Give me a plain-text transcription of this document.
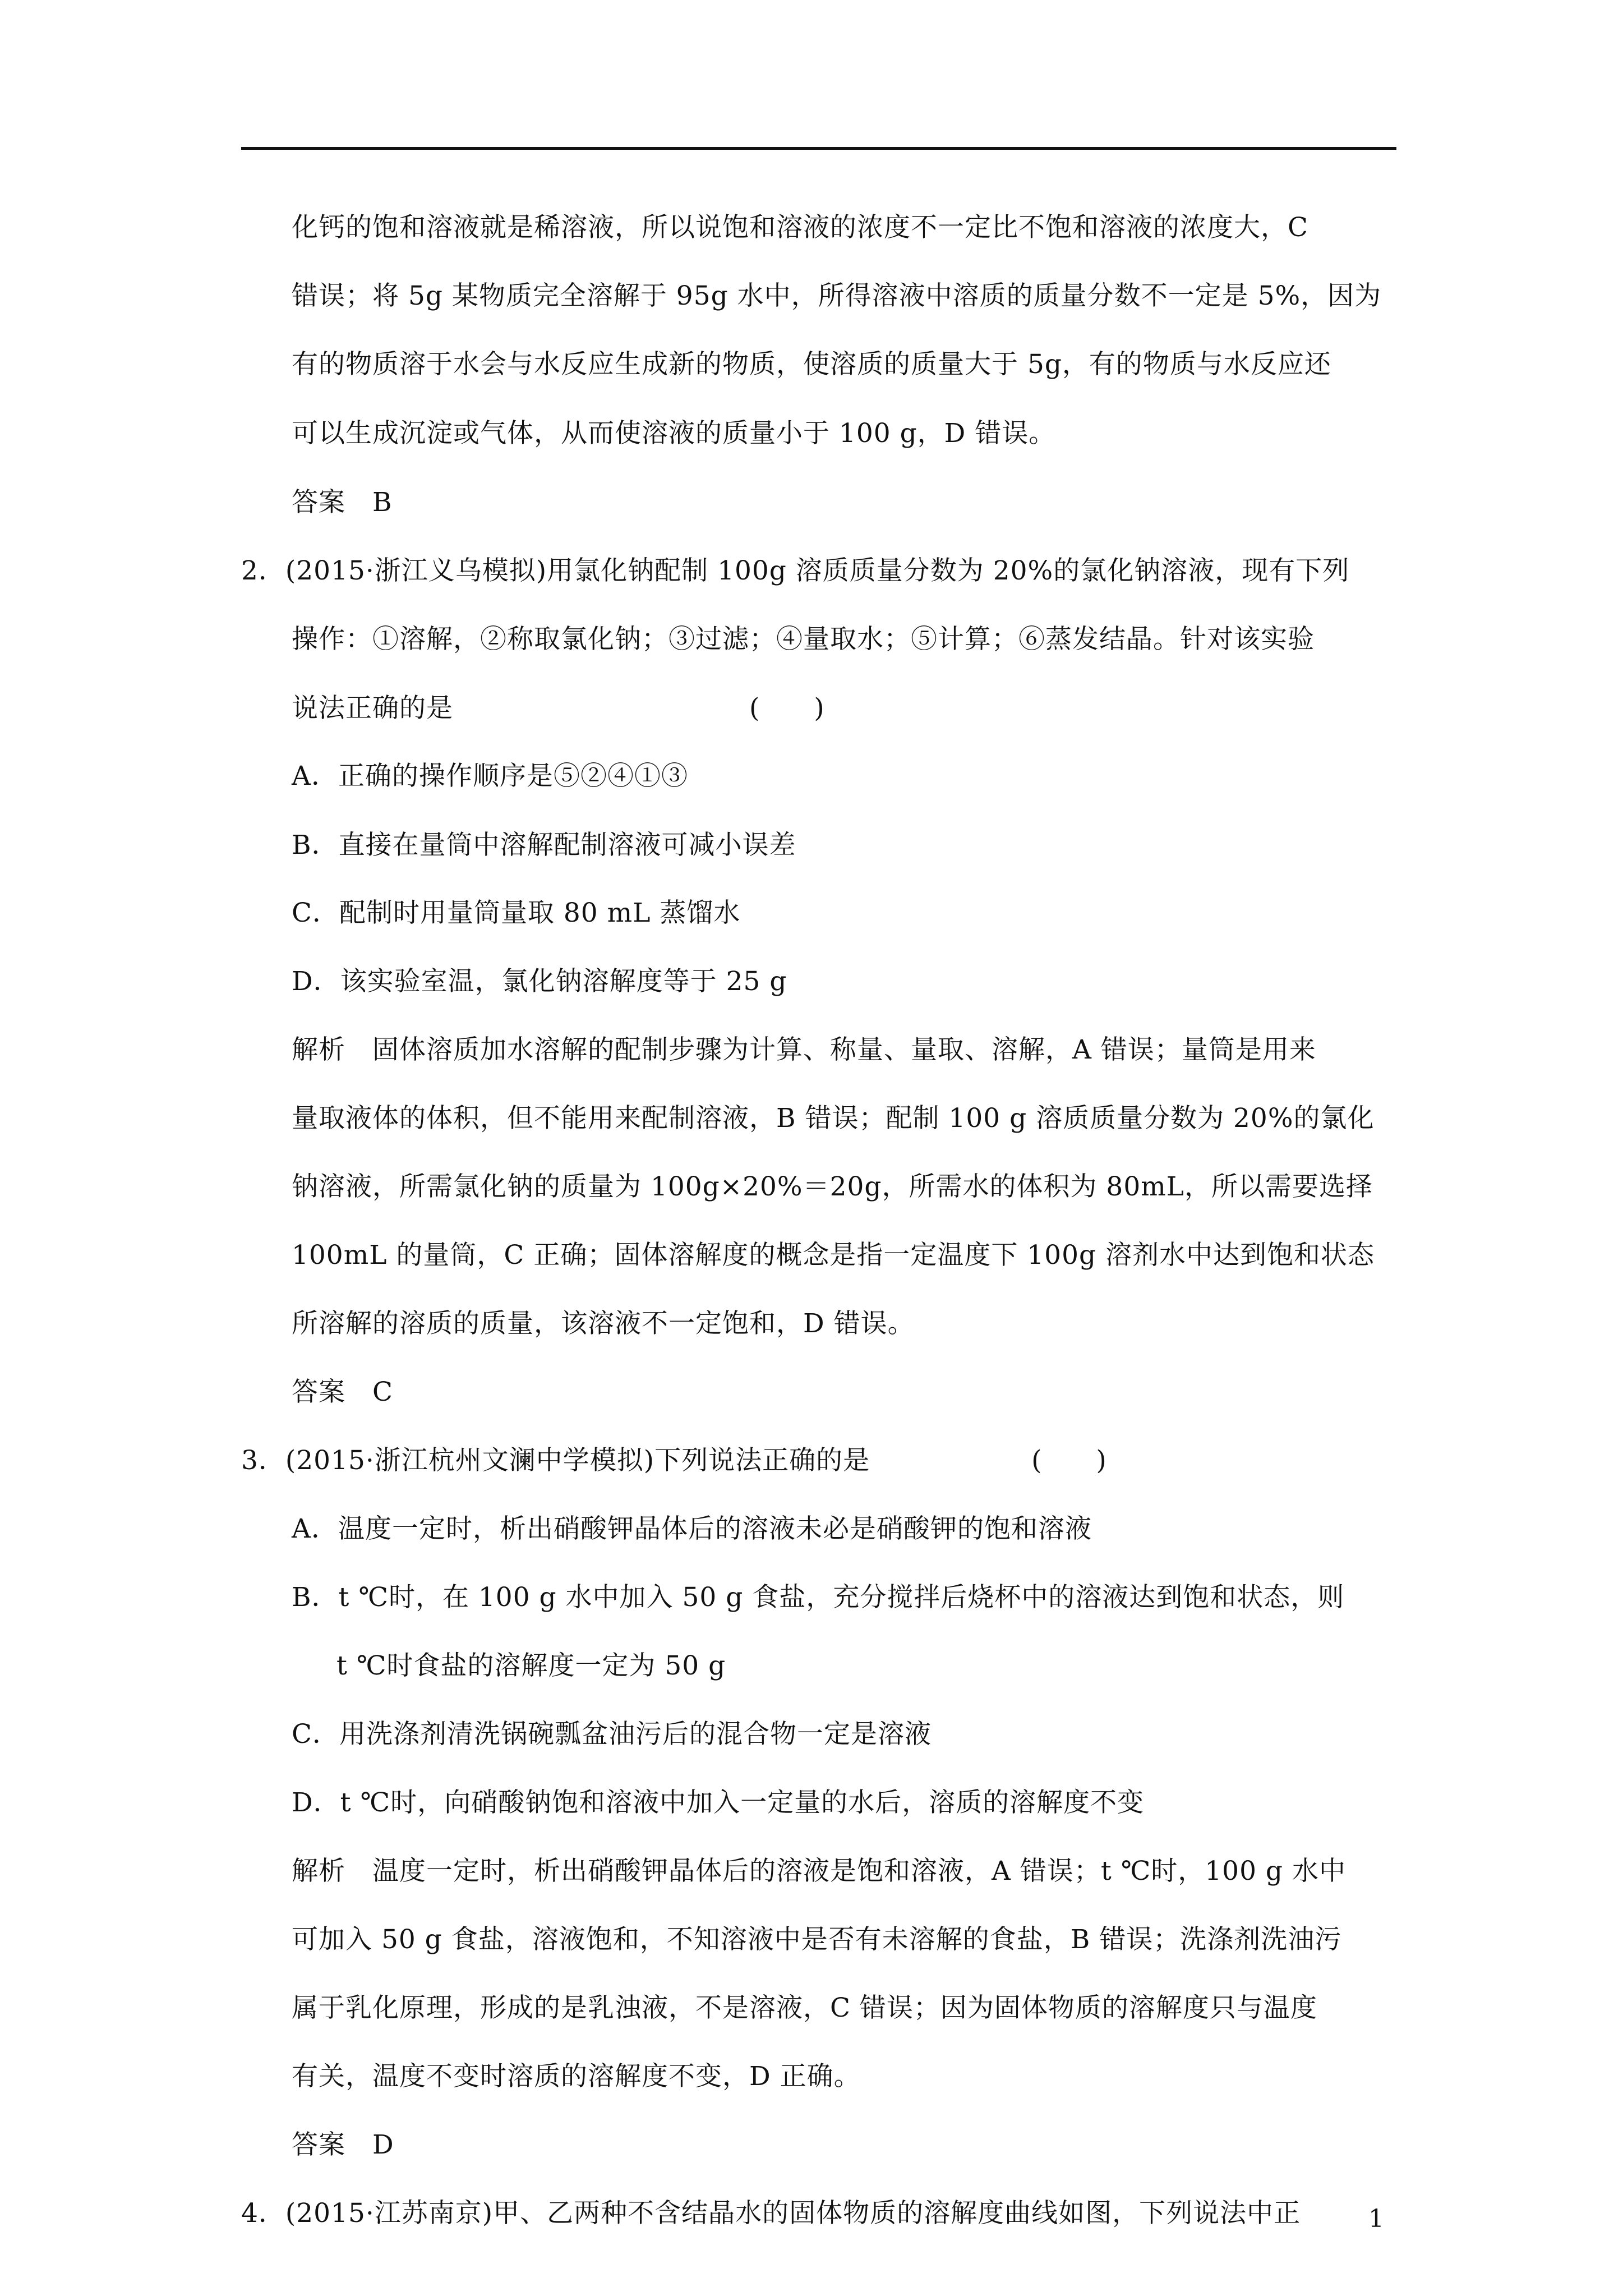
化钙的饱和溶液就是稀溶液，所以说饱和溶液的浓度不一定比不饱和溶液的浓度大，C
错误；将 5g 某物质完全溶解于 95g 水中，所得溶液中溶质的质量分数不一定是 5%，因为
有的物质溶于水会与水反应生成新的物质，使溶质的质量大于 5g，有的物质与水反应还
可以生成沉淀或气体，从而使溶液的质量小于 100 g，D 错误。
答案　B
2．(2015·浙江义乌模拟)用氯化钠配制 100g 溶质质量分数为 20%的氯化钠溶液，现有下列
操作：①溶解，②称取氯化钠；③过滤；④量取水；⑤计算；⑥蒸发结晶。针对该实验
说法正确的是　　　　　　　　　　　(　　)
A．正确的操作顺序是⑤②④①③
B．直接在量筒中溶解配制溶液可减小误差
C．配制时用量筒量取 80 mL 蒸馏水
D．该实验室温，氯化钠溶解度等于 25 g
解析　固体溶质加水溶解的配制步骤为计算、称量、量取、溶解，A 错误；量筒是用来
量取液体的体积，但不能用来配制溶液，B 错误；配制 100 g 溶质质量分数为 20%的氯化
钠溶液，所需氯化钠的质量为 100g×20%＝20g，所需水的体积为 80mL，所以需要选择
100mL 的量筒，C 正确；固体溶解度的概念是指一定温度下 100g 溶剂水中达到饱和状态
所溶解的溶质的质量，该溶液不一定饱和，D 错误。
答案　C
3．(2015·浙江杭州文澜中学模拟)下列说法正确的是　　　　　　(　　)
A．温度一定时，析出硝酸钾晶体后的溶液未必是硝酸钾的饱和溶液
B．t ℃时，在 100 g 水中加入 50 g 食盐，充分搅拌后烧杯中的溶液达到饱和状态，则
t ℃时食盐的溶解度一定为 50 g
C．用洗涤剂清洗锅碗瓢盆油污后的混合物一定是溶液
D．t ℃时，向硝酸钠饱和溶液中加入一定量的水后，溶质的溶解度不变
解析　温度一定时，析出硝酸钾晶体后的溶液是饱和溶液，A 错误；t ℃时，100 g 水中
可加入 50 g 食盐，溶液饱和，不知溶液中是否有未溶解的食盐，B 错误；洗涤剂洗油污
属于乳化原理，形成的是乳浊液，不是溶液，C 错误；因为固体物质的溶解度只与温度
有关，温度不变时溶质的溶解度不变，D 正确。
答案　D
4．(2015·江苏南京)甲、乙两种不含结晶水的固体物质的溶解度曲线如图，下列说法中正	1
